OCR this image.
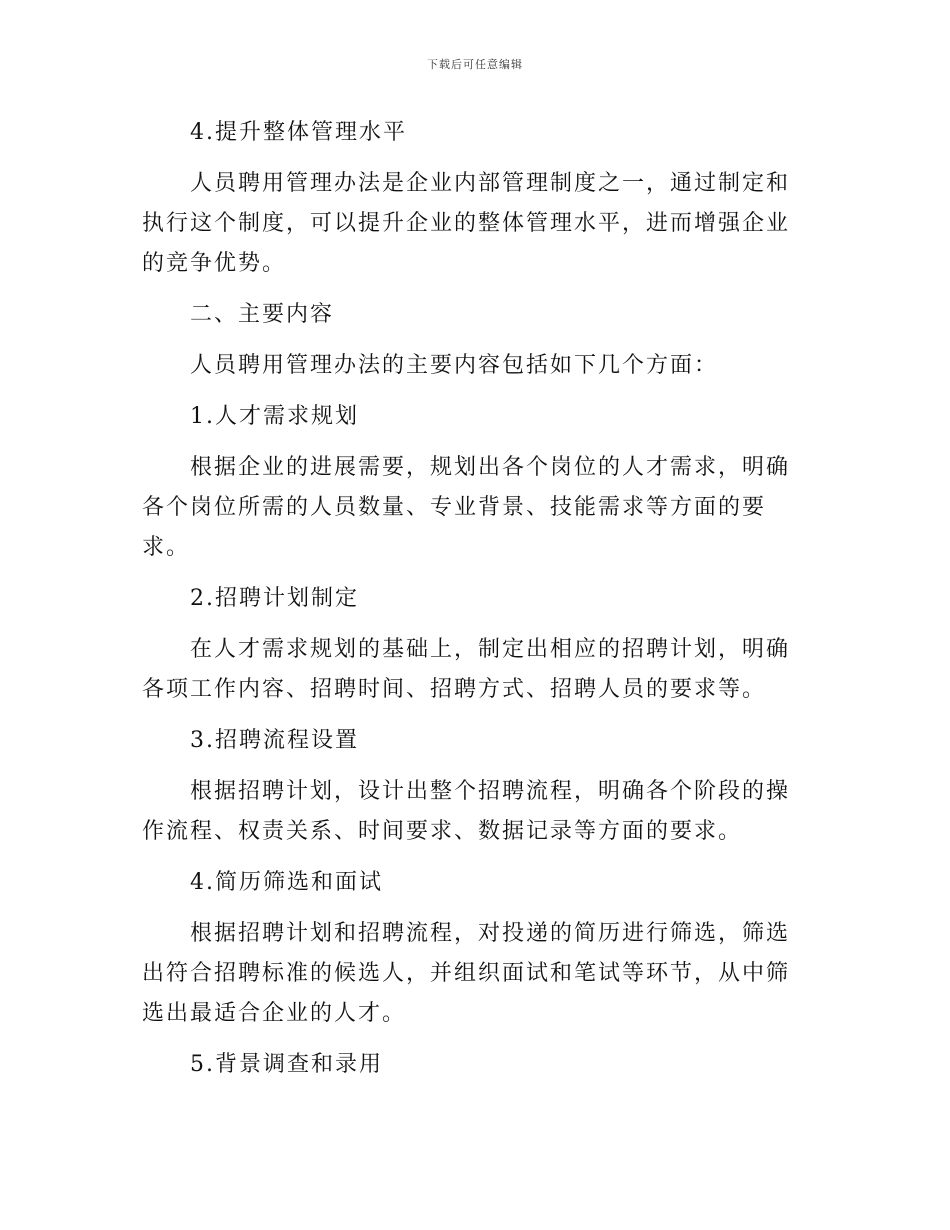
下载后可任意编辑

4.提升整体管理水平

人员聘用管理办法是企业内部管理制度之一，通过制定和执行这个制度，可以提升企业的整体管理水平，进而增强企业的竞争优势。

二、主要内容

人员聘用管理办法的主要内容包括如下几个方面：

1.人才需求规划

根据企业的进展需要，规划出各个岗位的人才需求，明确各个岗位所需的人员数量、专业背景、技能需求等方面的要求。

2.招聘计划制定

在人才需求规划的基础上，制定出相应的招聘计划，明确各项工作内容、招聘时间、招聘方式、招聘人员的要求等。

3.招聘流程设置

根据招聘计划，设计出整个招聘流程，明确各个阶段的操作流程、权责关系、时间要求、数据记录等方面的要求。

4.简历筛选和面试

根据招聘计划和招聘流程，对投递的简历进行筛选，筛选出符合招聘标准的候选人，并组织面试和笔试等环节，从中筛选出最适合企业的人才。

5.背景调查和录用
